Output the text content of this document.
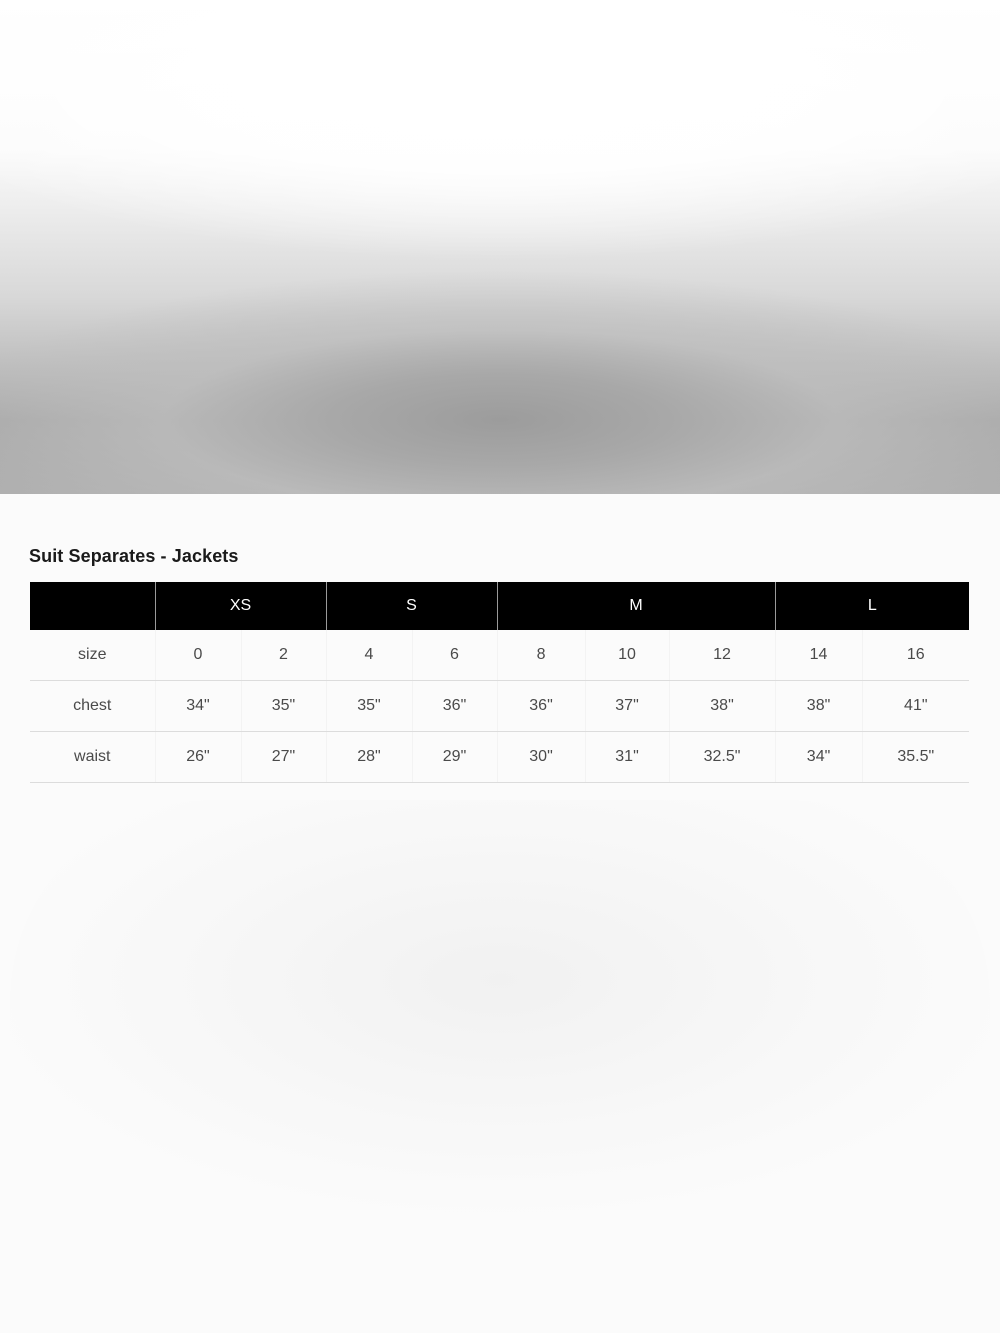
Suit Separates - Jackets
	XS		S		M			L	
size	0	2	4	6	8	10	12	14	16
chest	34"	35"	35"	36"	36"	37"	38"	38"	41"
waist	26"	27"	28"	29"	30"	31"	32.5"	34"	35.5"
